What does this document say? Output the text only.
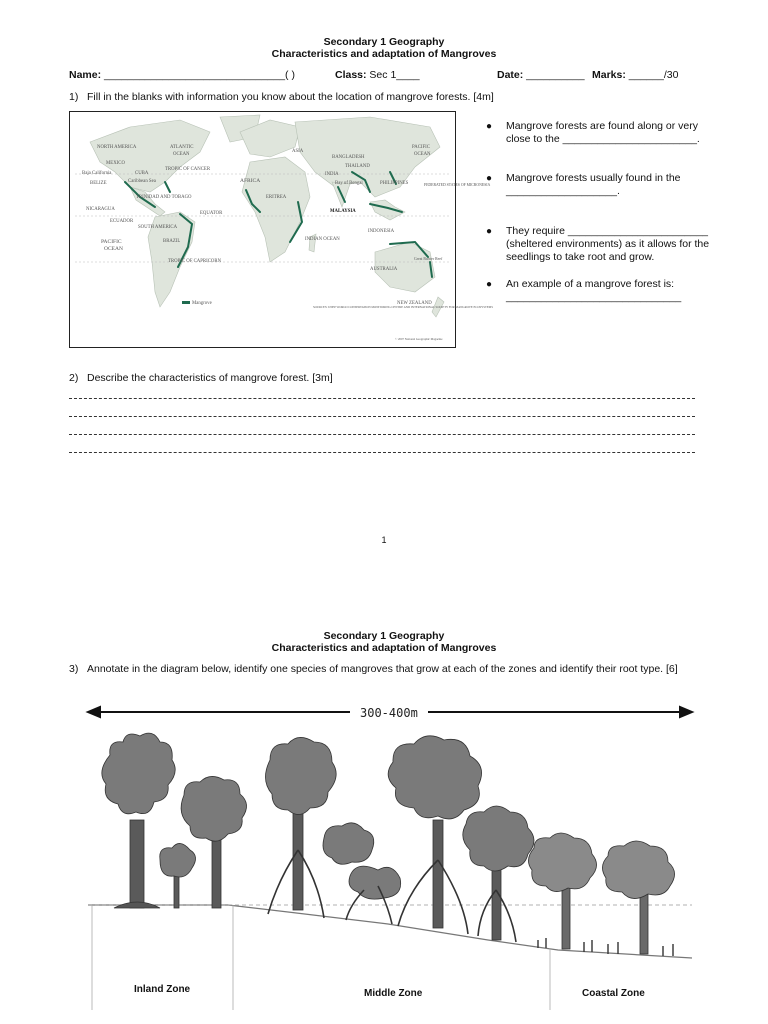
Secondary 1 Geography
Characteristics and adaptation of Mangroves
Name: _______________________________( )	Class: Sec 1____	Date: __________ Marks: ______/30
1) Fill in the blanks with information you know about the location of mangrove forests. [4m]
NORTH AMERICA	ATLANTIC
OCEAN
ASIA
PACIFIC
OCEAN
MEXICO
Baja California
BELIZE	Caribbean Sea
CUBA
TROPIC OF CANCER
TRINIDAD AND TOBAGO
NICARAGUA
ECUADOR
EQUATOR
SOUTH AMERICA
BRAZIL
PACIFIC
OCEAN
AFRICA
ERITREA
BANGLADESH
INDIA
THAILAND
Bay of Bengal	PHILIPPINES	FEDERATED STATES OF MICRONESIA
MALAYSIA
INDONESIA
INDIAN OCEAN
TROPIC OF CAPRICORN
AUSTRALIA
Great Barrier Reef
NEW ZEALAND
Mangrove
SOURCES: UNEP WORLD CONSERVATION MONITORING CENTRE AND INTERNATIONAL SOCIETY FOR MANGROVE ECOSYSTEMS
© 2007 National Geographic Magazine
● Mangrove forests are found along or very close to the _______________________.
● Mangrove forests usually found in the ___________________.
● They require ________________________ (sheltered environments) as it allows for the seedlings to take root and grow.
● An example of a mangrove forest is: ______________________________
2) Describe the characteristics of mangrove forest. [3m]
1
Secondary 1 Geography
Characteristics and adaptation of Mangroves
3) Annotate in the diagram below, identify one species of mangroves that grow at each of the zones and identify their root type. [6]
300-400m
Inland Zone	Middle Zone	Coastal Zone
